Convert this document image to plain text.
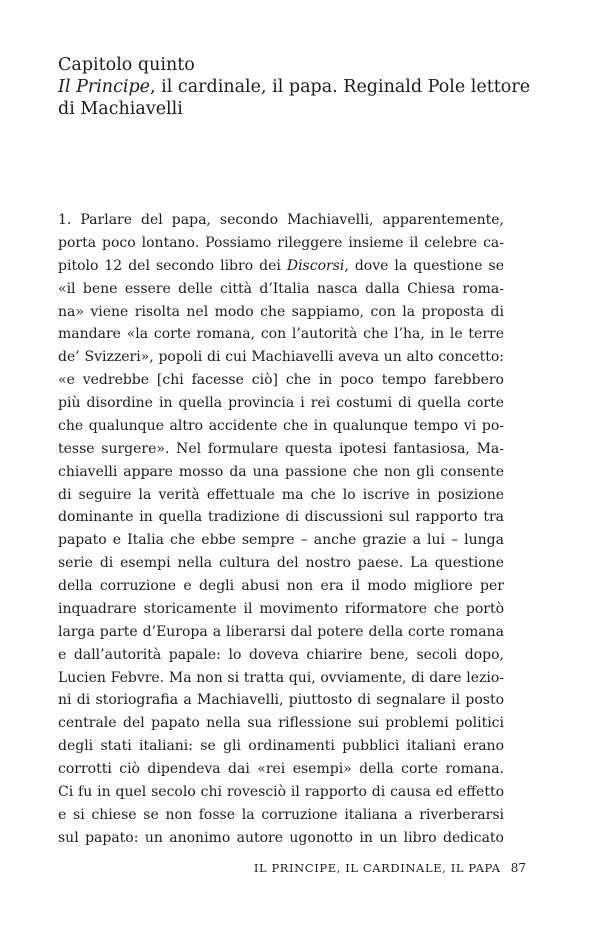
Capitolo quinto
Il Principe, il cardinale, il papa. Reginald Pole lettore
di Machiavelli
1. Parlare del papa, secondo Machiavelli, apparentemente,
porta poco lontano. Possiamo rileggere insieme il celebre ca-
pitolo 12 del secondo libro dei Discorsi, dove la questione se
«il bene essere delle città d’Italia nasca dalla Chiesa roma-
na» viene risolta nel modo che sappiamo, con la proposta di
mandare «la corte romana, con l’autorità che l’ha, in le terre
de’ Svizzeri», popoli di cui Machiavelli aveva un alto concetto:
«e vedrebbe [chi facesse ciò] che in poco tempo farebbero
più disordine in quella provincia i rei costumi di quella corte
che qualunque altro accidente che in qualunque tempo vi po-
tesse surgere». Nel formulare questa ipotesi fantasiosa, Ma-
chiavelli appare mosso da una passione che non gli consente
di seguire la verità effettuale ma che lo iscrive in posizione
dominante in quella tradizione di discussioni sul rapporto tra
papato e Italia che ebbe sempre – anche grazie a lui – lunga
serie di esempi nella cultura del nostro paese. La questione
della corruzione e degli abusi non era il modo migliore per
inquadrare storicamente il movimento riformatore che portò
larga parte d’Europa a liberarsi dal potere della corte romana
e dall’autorità papale: lo doveva chiarire bene, secoli dopo,
Lucien Febvre. Ma non si tratta qui, ovviamente, di dare lezio-
ni di storiografia a Machiavelli, piuttosto di segnalare il posto
centrale del papato nella sua riflessione sui problemi politici
degli stati italiani: se gli ordinamenti pubblici italiani erano
corrotti ciò dipendeva dai «rei esempi» della corte romana.
Ci fu in quel secolo chi rovesciò il rapporto di causa ed effetto
e si chiese se non fosse la corruzione italiana a riverberarsi
sul papato: un anonimo autore ugonotto in un libro dedicato
IL PRINCIPE, IL CARDINALE, IL PAPA 87
